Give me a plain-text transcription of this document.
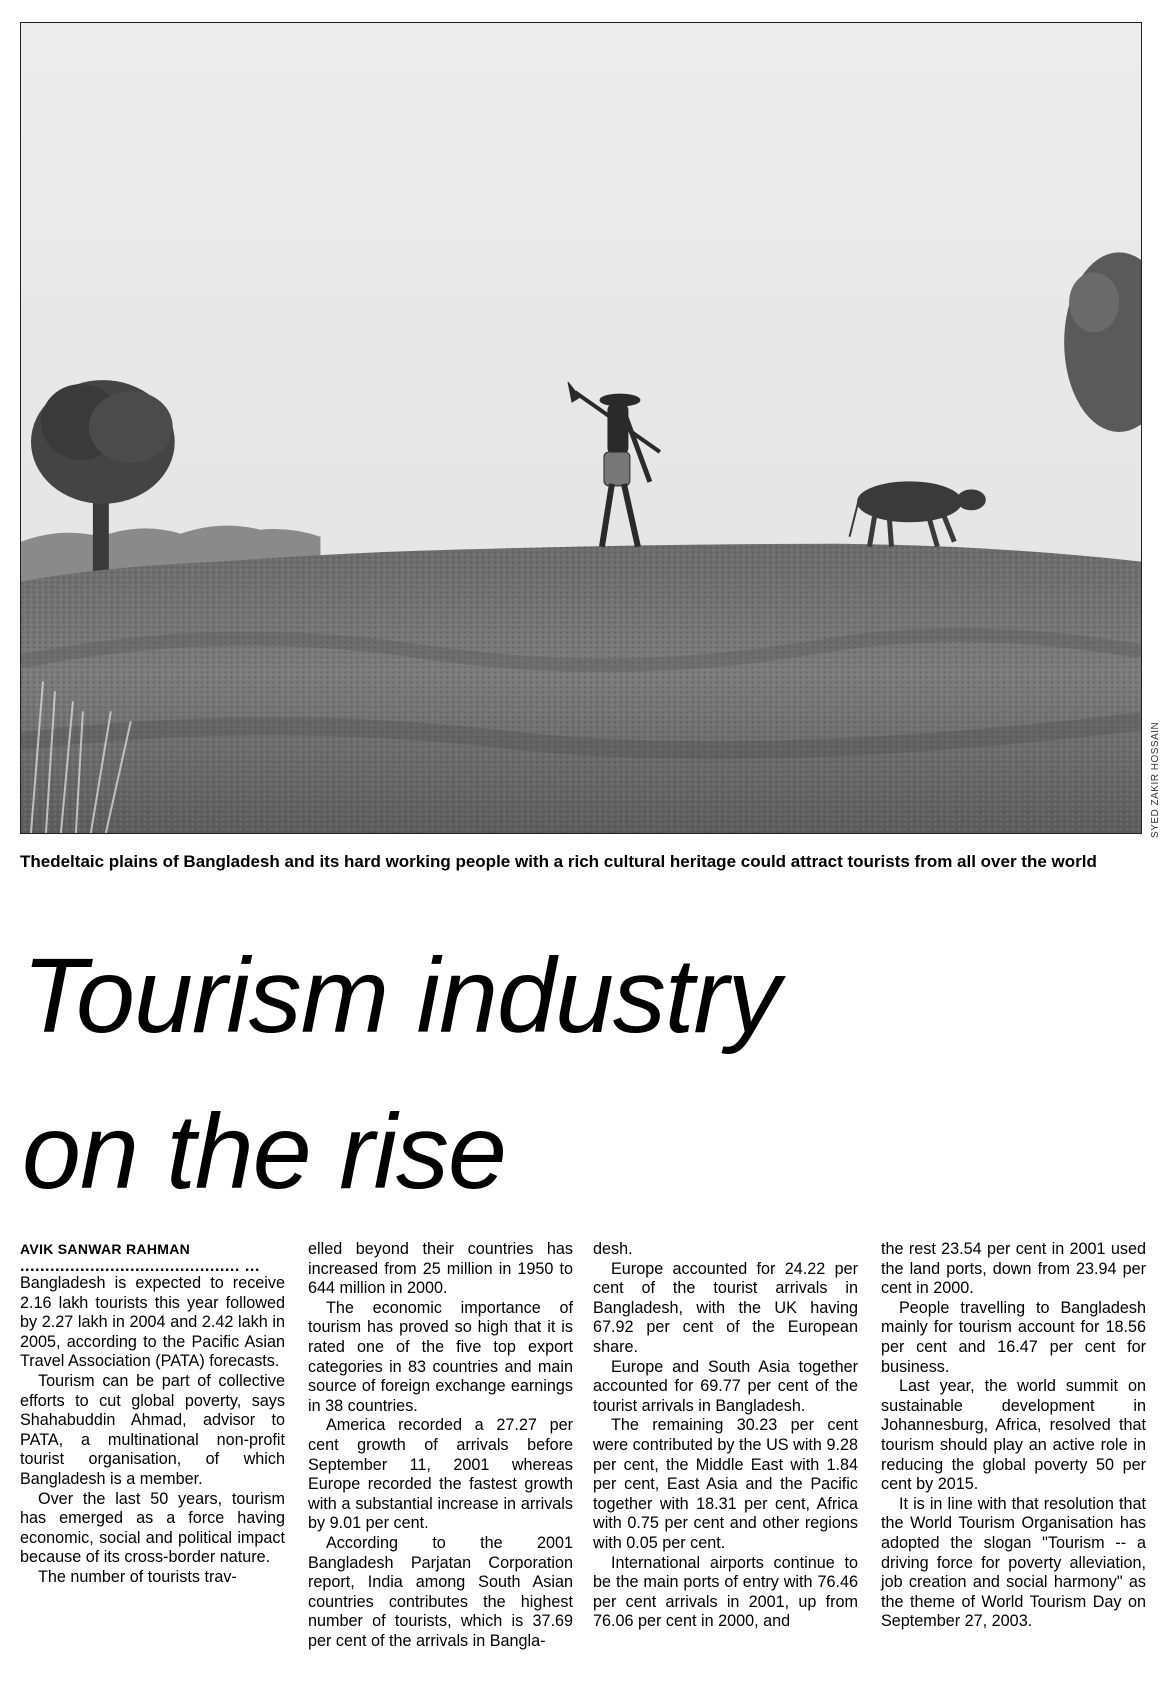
SYED ZAKIR HOSSAIN
Thedeltaic plains of Bangladesh and its hard working people with a rich cultural heritage could attract tourists from all over the world
Tourism industry
on the rise

AVIK SANWAR RAHMAN

............................................ ...

Bangladesh is expected to receive 2.16 lakh tourists this year followed by 2.27 lakh in 2004 and 2.42 lakh in 2005, according to the Pacific Asian Travel Association (PATA) forecasts.

Tourism can be part of collective efforts to cut global poverty, says Shahabuddin Ahmad, advisor to PATA, a multinational non-profit tourist organisation, of which Bangladesh is a member.

Over the last 50 years, tourism has emerged as a force having economic, social and political impact because of its cross-border nature.

The number of tourists trav-

elled beyond their countries has increased from 25 million in 1950 to 644 million in 2000.

The economic importance of tourism has proved so high that it is rated one of the five top export categories in 83 countries and main source of foreign exchange earnings in 38 countries.

America recorded a 27.27 per cent growth of arrivals before September 11, 2001 whereas Europe recorded the fastest growth with a substantial increase in arrivals by 9.01 per cent.

According to the 2001 Bangladesh Parjatan Corporation report, India among South Asian countries contributes the highest number of tourists, which is 37.69 per cent of the arrivals in Bangla-

desh.

Europe accounted for 24.22 per cent of the tourist arrivals in Bangladesh, with the UK having 67.92 per cent of the European share.

Europe and South Asia together accounted for 69.77 per cent of the tourist arrivals in Bangladesh.

The remaining 30.23 per cent were contributed by the US with 9.28 per cent, the Middle East with 1.84 per cent, East Asia and the Pacific together with 18.31 per cent, Africa with 0.75 per cent and other regions with 0.05 per cent.

International airports continue to be the main ports of entry with 76.46 per cent arrivals in 2001, up from 76.06 per cent in 2000, and

the rest 23.54 per cent in 2001 used the land ports, down from 23.94 per cent in 2000.

People travelling to Bangladesh mainly for tourism account for 18.56 per cent and 16.47 per cent for business.

Last year, the world summit on sustainable development in Johannesburg, Africa, resolved that tourism should play an active role in reducing the global poverty 50 per cent by 2015.

It is in line with that resolution that the World Tourism Organisation has adopted the slogan "Tourism -- a driving force for poverty alleviation, job creation and social harmony" as the theme of World Tourism Day on September 27, 2003.
